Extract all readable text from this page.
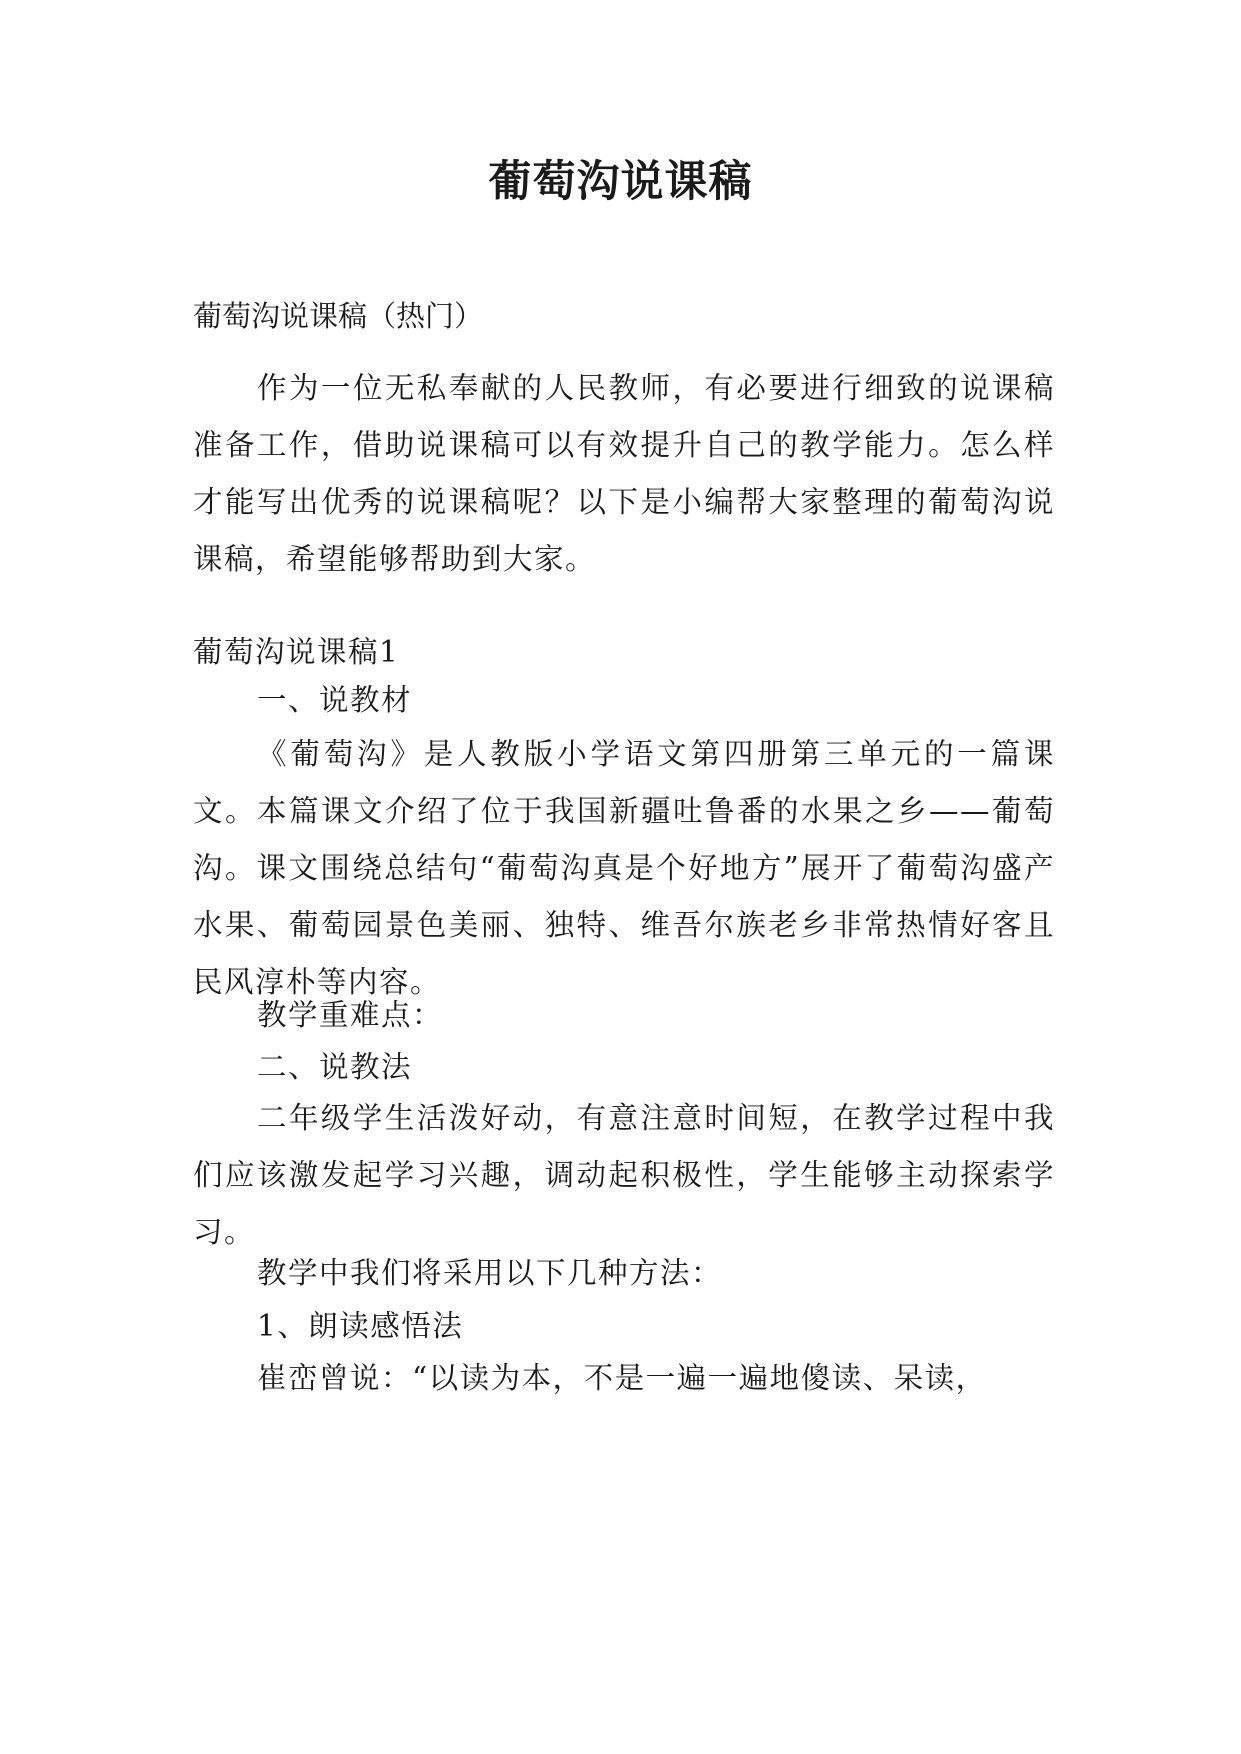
葡萄沟说课稿
葡萄沟说课稿（热门）

作为一位无私奉献的人民教师，有必要进行细致的说课稿准备工作，借助说课稿可以有效提升自己的教学能力。怎么样才能写出优秀的说课稿呢？以下是小编帮大家整理的葡萄沟说课稿，希望能够帮助到大家。

葡萄沟说课稿1
一、说教材

《葡萄沟》是人教版小学语文第四册第三单元的一篇课文。本篇课文介绍了位于我国新疆吐鲁番的水果之乡——葡萄沟。课文围绕总结句“葡萄沟真是个好地方”展开了葡萄沟盛产水果、葡萄园景色美丽、独特、维吾尔族老乡非常热情好客且民风淳朴等内容。

教学重难点：
二、说教法

二年级学生活泼好动，有意注意时间短，在教学过程中我们应该激发起学习兴趣，调动起积极性，学生能够主动探索学习。

教学中我们将采用以下几种方法：
1、朗读感悟法
崔峦曾说：“以读为本，不是一遍一遍地傻读、呆读，
